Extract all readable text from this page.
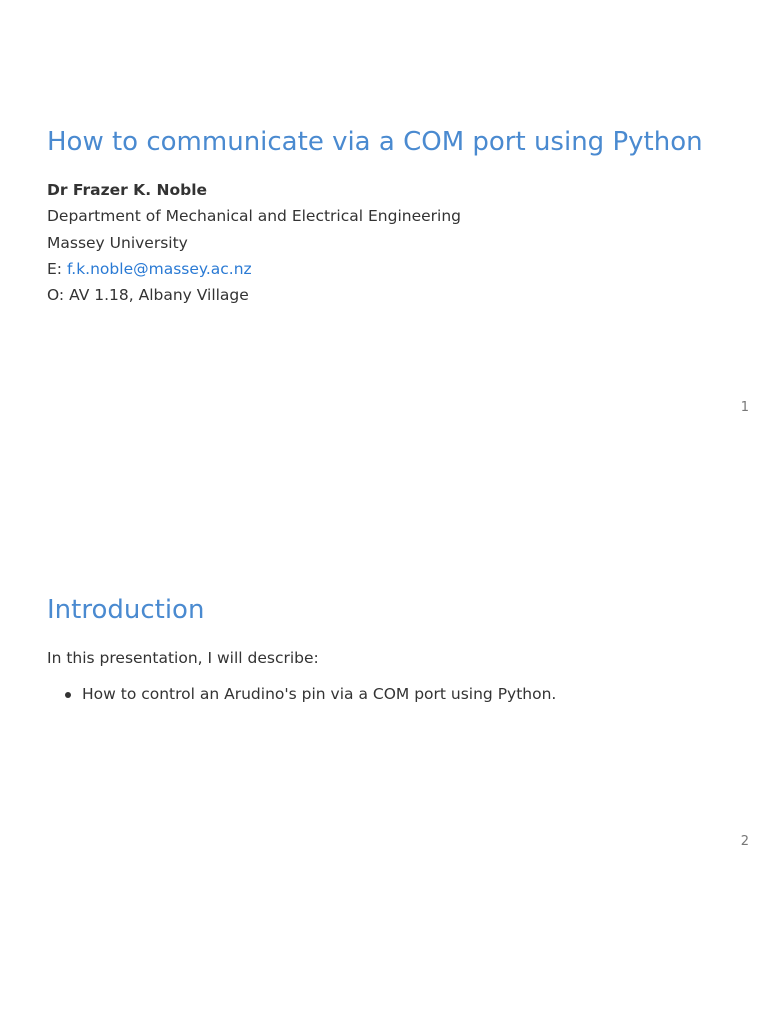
How to communicate via a COM port using Python
Dr Frazer K. Noble
Department of Mechanical and Electrical Engineering
Massey University
E: f.k.noble@massey.ac.nz
O: AV 1.18, Albany Village
1
Introduction

In this presentation, I will describe:

How to control an Arudino's pin via a COM port using Python.
2
